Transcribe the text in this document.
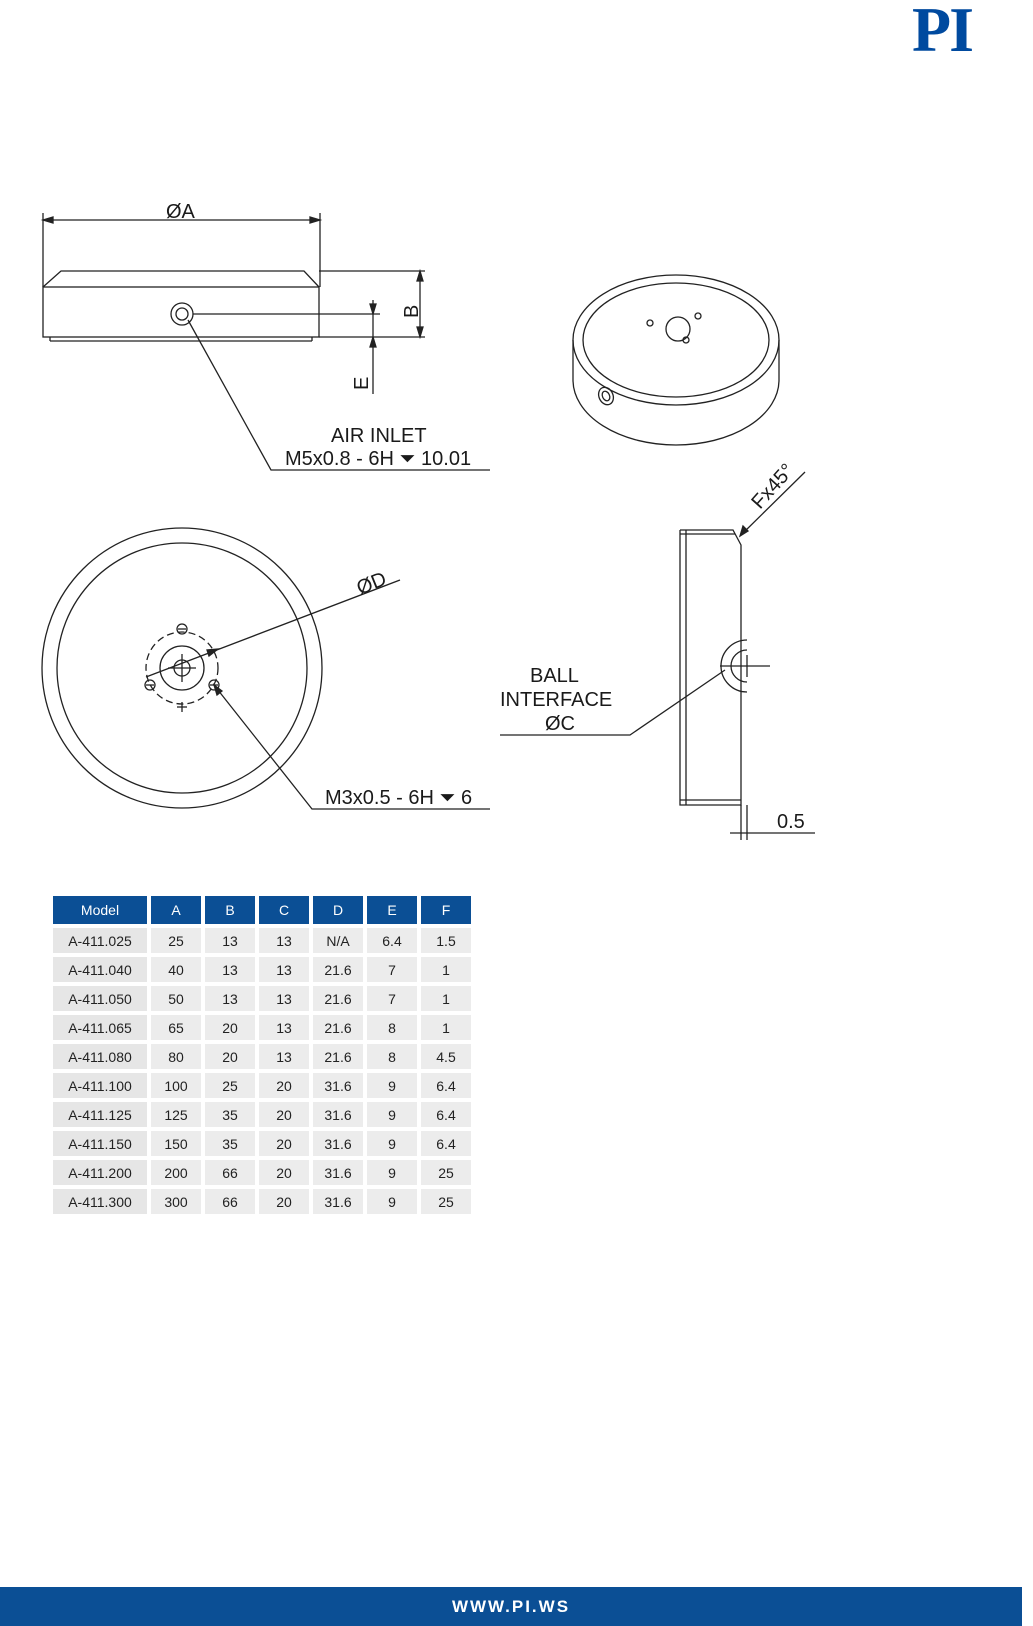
PI
ØA
B
E
AIR INLET
M5x0.8 - 6H ⏷ 10.01
ØD
M3x0.5 - 6H ⏷ 6
Fx45°
BALL
INTERFACE
ØC
0.5
Model	A	B	C	D	E	F
A-411.025	25	13	13	N/A	6.4	1.5
A-411.040	40	13	13	21.6	7	1
A-411.050	50	13	13	21.6	7	1
A-411.065	65	20	13	21.6	8	1
A-411.080	80	20	13	21.6	8	4.5
A-411.100	100	25	20	31.6	9	6.4
A-411.125	125	35	20	31.6	9	6.4
A-411.150	150	35	20	31.6	9	6.4
A-411.200	200	66	20	31.6	9	25
A-411.300	300	66	20	31.6	9	25
WWW.PI.WS
